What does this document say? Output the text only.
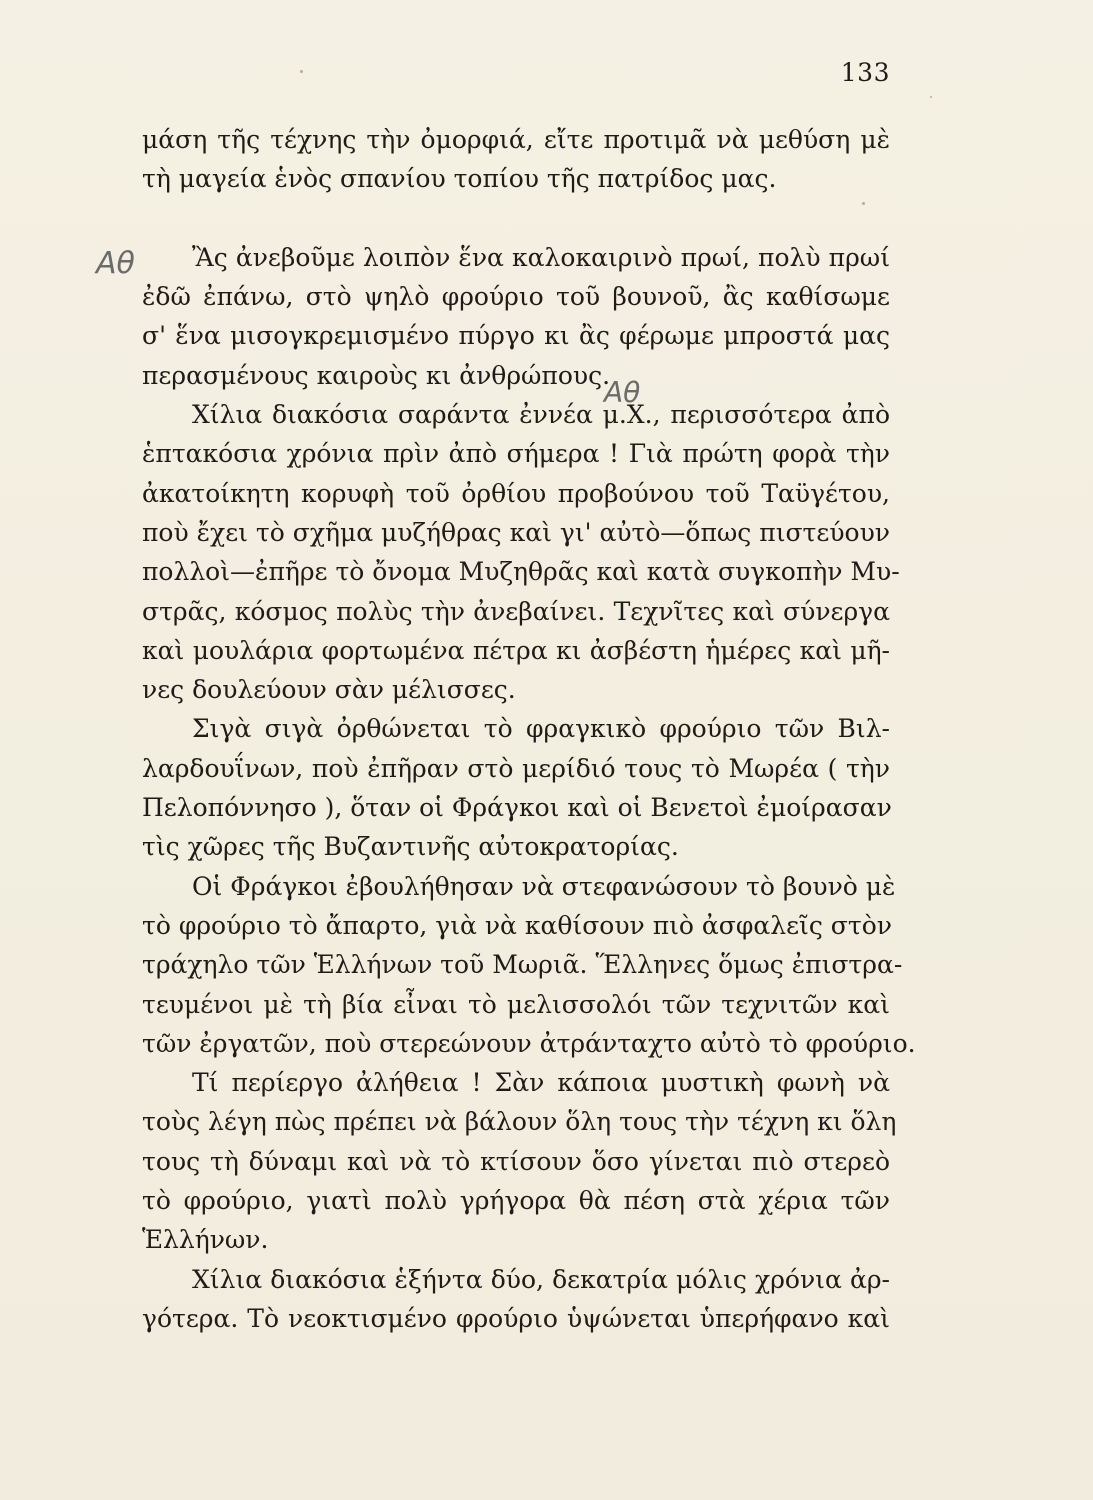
133
Αθ
Αθ
μάση τῆς τέχνης τὴν ὀμορφιά, εἴτε προτιμᾶ νὰ μεθύση μὲ
τὴ μαγεία ἑνὸς σπανίου τοπίου τῆς πατρίδος μας.
Ἂς ἀνεβοῦμε λοιπὸν ἕνα καλοκαιρινὸ πρωί, πολὺ πρωί
ἐδῶ ἐπάνω, στὸ ψηλὸ φρούριο τοῦ βουνοῦ, ἂς καθίσωμε
σ' ἕνα μισογκρεμισμένο πύργο κι ἂς φέρωμε μπροστά μας
περασμένους καιροὺς κι ἀνθρώπους.
Χίλια διακόσια σαράντα ἐννέα μ.Χ., περισσότερα ἀπὸ
ἑπτακόσια χρόνια πρὶν ἀπὸ σήμερα ! Γιὰ πρώτη φορὰ τὴν
ἀκατοίκητη κορυφὴ τοῦ ὀρθίου προβούνου τοῦ Ταϋγέτου,
ποὺ ἔχει τὸ σχῆμα μυζήθρας καὶ γι' αὐτὸ—ὅπως πιστεύουν
πολλοὶ—ἐπῆρε τὸ ὄνομα Μυζηθρᾶς καὶ κατὰ συγκοπὴν Μυ-
στρᾶς, κόσμος πολὺς τὴν ἀνεβαίνει. Τεχνῖτες καὶ σύνεργα
καὶ μουλάρια φορτωμένα πέτρα κι ἀσβέστη ἡμέρες καὶ μῆ-
νες δουλεύουν σὰν μέλισσες.
Σιγὰ σιγὰ ὀρθώνεται τὸ φραγκικὸ φρούριο τῶν Βιλ-
λαρδουΐνων, ποὺ ἐπῆραν στὸ μερίδιό τους τὸ Μωρέα ( τὴν
Πελοπόννησο ), ὅταν οἱ Φράγκοι καὶ οἱ Βενετοὶ ἐμοίρασαν
τὶς χῶρες τῆς Βυζαντινῆς αὐτοκρατορίας.
Οἱ Φράγκοι ἐβουλήθησαν νὰ στεφανώσουν τὸ βουνὸ μὲ
τὸ φρούριο τὸ ἄπαρτο, γιὰ νὰ καθίσουν πιὸ ἀσφαλεῖς στὸν
τράχηλο τῶν Ἑλλήνων τοῦ Μωριᾶ. Ἕλληνες ὅμως ἐπιστρα-
τευμένοι μὲ τὴ βία εἶναι τὸ μελισσολόι τῶν τεχνιτῶν καὶ
τῶν ἐργατῶν, ποὺ στερεώνουν ἀτράνταχτο αὐτὸ τὸ φρούριο.
Τί περίεργο ἀλήθεια ! Σὰν κάποια μυστικὴ φωνὴ νὰ
τοὺς λέγη πὼς πρέπει νὰ βάλουν ὅλη τους τὴν τέχνη κι ὅλη
τους τὴ δύναμι καὶ νὰ τὸ κτίσουν ὅσο γίνεται πιὸ στερεὸ
τὸ φρούριο, γιατὶ πολὺ γρήγορα θὰ πέση στὰ χέρια τῶν
Ἑλλήνων.
Χίλια διακόσια ἑξήντα δύο, δεκατρία μόλις χρόνια ἀρ-
γότερα. Τὸ νεοκτισμένο φρούριο ὑψώνεται ὑπερήφανο καὶ
